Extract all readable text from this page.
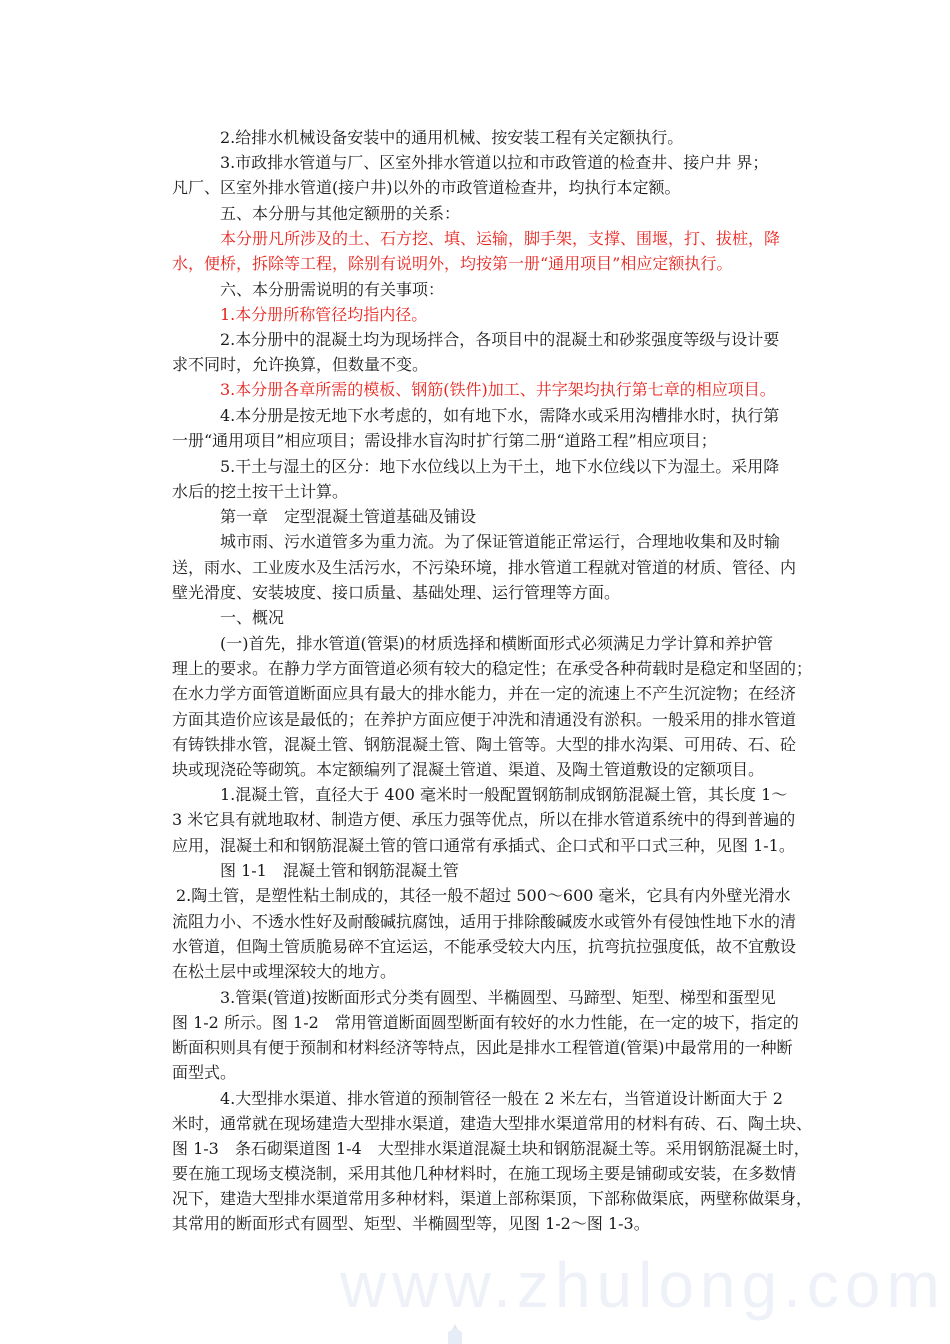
2.给排水机械设备安装中的通用机械、按安装工程有关定额执行。
3.市政排水管道与厂、区室外排水管道以拉和市政管道的检查井、接户井 界；
凡厂、区室外排水管道(接户井)以外的市政管道检查井，均执行本定额。
五、本分册与其他定额册的关系：
本分册凡所涉及的土、石方挖、填、运输，脚手架，支撑、围堰，打、拔桩，降
水，便桥，拆除等工程，除别有说明外，均按第一册“通用项目”相应定额执行。
六、本分册需说明的有关事项：
1.本分册所称管径均指内径。
2.本分册中的混凝土均为现场拌合，各项目中的混凝土和砂浆强度等级与设计要
求不同时，允许换算，但数量不变。
3.本分册各章所需的模板、钢筋(铁件)加工、井字架均执行第七章的相应项目。
4.本分册是按无地下水考虑的，如有地下水，需降水或采用沟槽排水时，执行第
一册“通用项目”相应项目；需设排水盲沟时扩行第二册“道路工程”相应项目；
5.干土与湿土的区分：地下水位线以上为干土，地下水位线以下为湿土。采用降
水后的挖土按干土计算。
第一章　定型混凝土管道基础及铺设
城市雨、污水道管多为重力流。为了保证管道能正常运行，合理地收集和及时输
送，雨水、工业废水及生活污水，不污染环境，排水管道工程就对管道的材质、管径、内
壁光滑度、安装坡度、接口质量、基础处理、运行管理等方面。
一、概况
(一)首先，排水管道(管渠)的材质选择和横断面形式必须满足力学计算和养护管
理上的要求。在静力学方面管道必须有较大的稳定性；在承受各种荷载时是稳定和坚固的；
在水力学方面管道断面应具有最大的排水能力，并在一定的流速上不产生沉淀物；在经济
方面其造价应该是最低的；在养护方面应便于冲洗和清通没有淤积。一般采用的排水管道
有铸铁排水管，混凝土管、钢筋混凝土管、陶土管等。大型的排水沟渠、可用砖、石、砼
块或现浇砼等砌筑。本定额编列了混凝土管道、渠道、及陶土管道敷设的定额项目。
1.混凝土管，直径大于 400 毫米时一般配置钢筋制成钢筋混凝土管，其长度 1～
3 米它具有就地取材、制造方便、承压力强等优点，所以在排水管道系统中的得到普遍的
应用，混凝土和和钢筋混凝土管的管口通常有承插式、企口式和平口式三种，见图 1-1。
图 1-1　混凝土管和钢筋混凝土管
2.陶土管，是塑性粘土制成的，其径一般不超过 500～600 毫米，它具有内外壁光滑水
流阻力小、不透水性好及耐酸碱抗腐蚀，适用于排除酸碱废水或管外有侵蚀性地下水的清
水管道，但陶土管质脆易碎不宜运运，不能承受较大内压，抗弯抗拉强度低，故不宜敷设
在松土层中或埋深较大的地方。
3.管渠(管道)按断面形式分类有圆型、半椭圆型、马蹄型、矩型、梯型和蛋型见
图 1-2 所示。图 1-2　常用管道断面圆型断面有较好的水力性能，在一定的坡下，指定的
断面积则具有便于预制和材料经济等特点，因此是排水工程管道(管渠)中最常用的一种断
面型式。
4.大型排水渠道、排水管道的预制管径一般在 2 米左右，当管道设计断面大于 2
米时，通常就在现场建造大型排水渠道，建造大型排水渠道常用的材料有砖、石、陶土块、
图 1-3　条石砌渠道图 1-4　大型排水渠道混凝土块和钢筋混凝土等。采用钢筋混凝土时，
要在施工现场支模浇制，采用其他几种材料时，在施工现场主要是铺砌或安装，在多数情
况下，建造大型排水渠道常用多种材料，渠道上部称渠顶，下部称做渠底，两壁称做渠身，
其常用的断面形式有圆型、矩型、半椭圆型等，见图 1-2～图 1-3。
www.zhulong.com
